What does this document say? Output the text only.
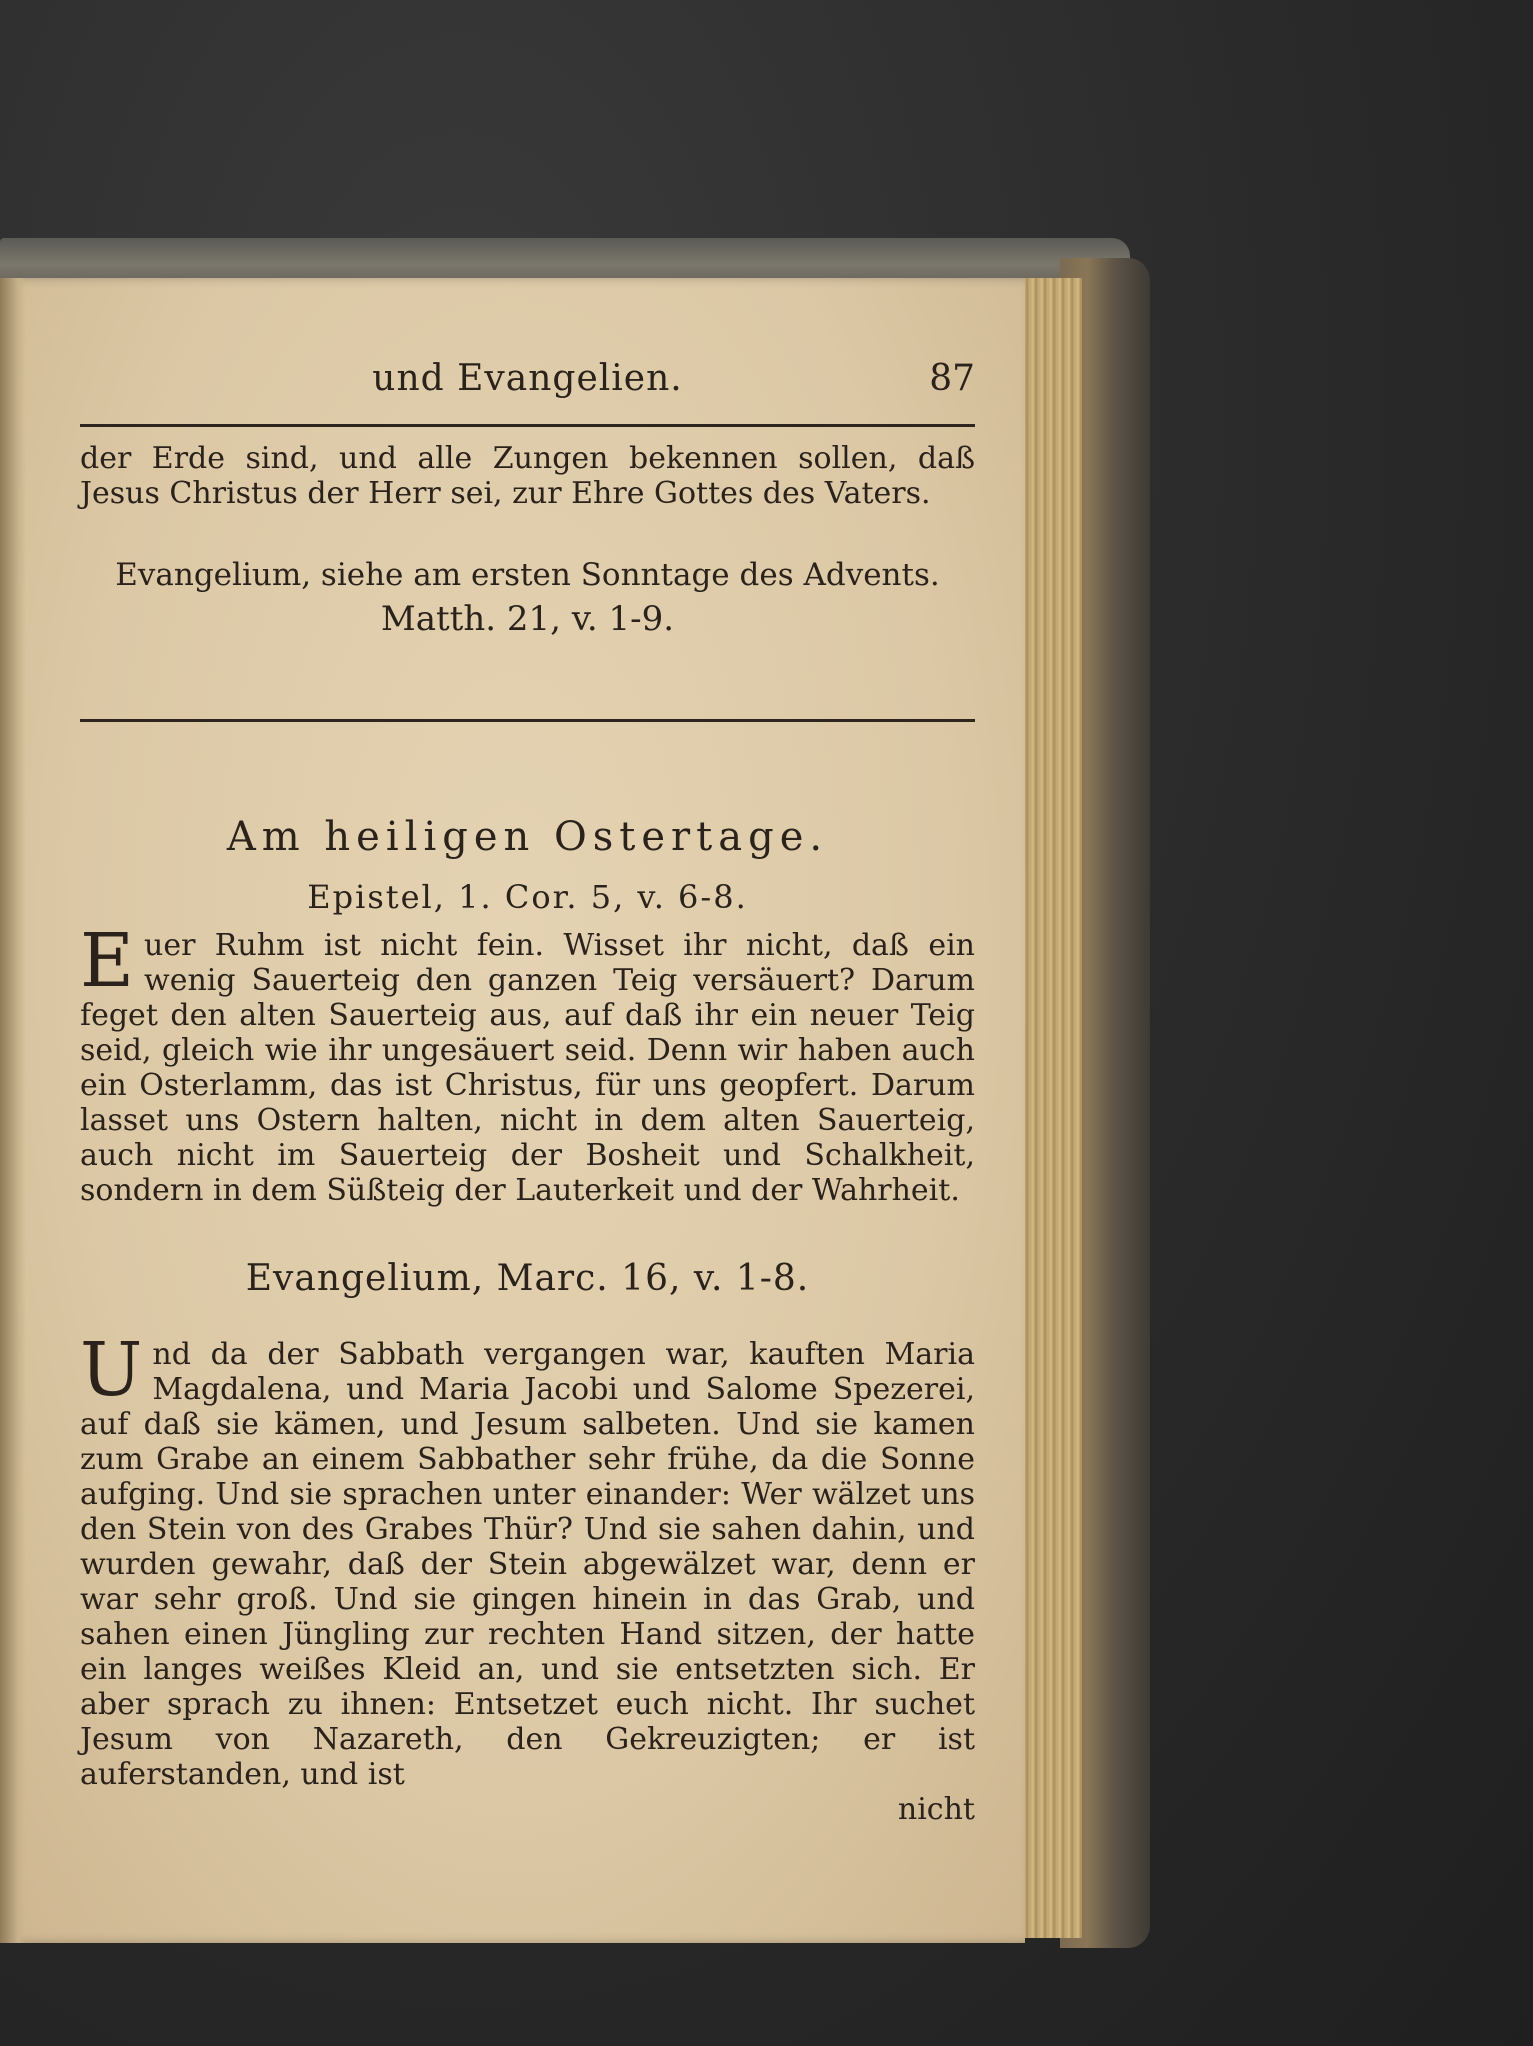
und Evangelien.	87

der Erde sind, und alle Zungen bekennen sollen, daß Jesus Christus der Herr sei, zur Ehre Gottes des Vaters.

Evangelium, siehe am ersten Sonntage des Advents.
Matth. 21, v. 1-9.
Am heiligen Ostertage.
Epistel, 1. Cor. 5, v. 6-8.

Euer Ruhm ist nicht fein. Wisset ihr nicht, daß ein wenig Sauerteig den ganzen Teig versäuert? Darum feget den alten Sauerteig aus, auf daß ihr ein neuer Teig seid, gleich wie ihr ungesäuert seid. Denn wir haben auch ein Osterlamm, das ist Christus, für uns geopfert. Darum lasset uns Ostern halten, nicht in dem alten Sauerteig, auch nicht im Sauerteig der Bosheit und Schalkheit, sondern in dem Süßteig der Lauterkeit und der Wahrheit.

Evangelium, Marc. 16, v. 1-8.

Und da der Sabbath vergangen war, kauften Maria Magdalena, und Maria Jacobi und Salome Spezerei, auf daß sie kämen, und Jesum salbeten. Und sie kamen zum Grabe an einem Sabbather sehr frühe, da die Sonne aufging. Und sie sprachen unter einander: Wer wälzet uns den Stein von des Grabes Thür? Und sie sahen dahin, und wurden gewahr, daß der Stein abgewälzet war, denn er war sehr groß. Und sie gingen hinein in das Grab, und sahen einen Jüngling zur rechten Hand sitzen, der hatte ein langes weißes Kleid an, und sie entsetzten sich. Er aber sprach zu ihnen: Entsetzet euch nicht. Ihr suchet Jesum von Nazareth, den Gekreuzigten; er ist auferstanden, und ist

nicht
